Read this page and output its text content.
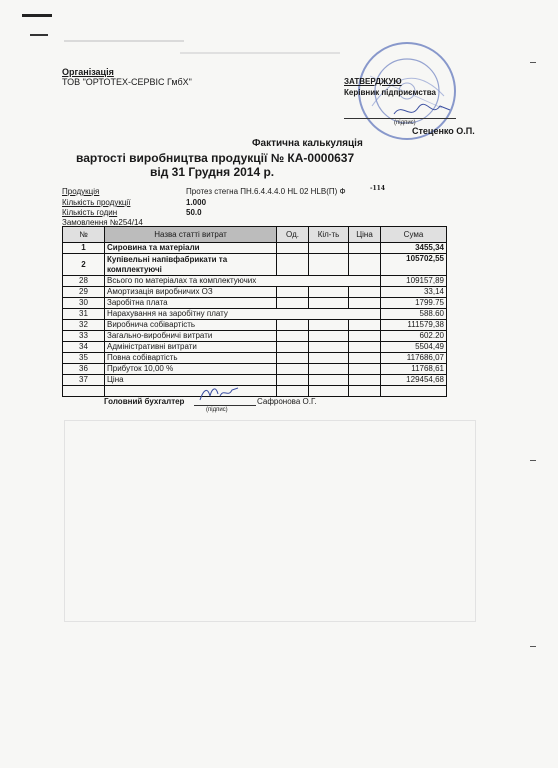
Організація
ТОВ "ОРТОТЕХ-СЕРВІС ГмбХ"	ЗАТВЕРДЖУЮ
Керівник підприємства
(підпис)
Стеценко О.П.
Фактична калькуляція
вартості виробництва продукції № КА-0000637
від 31 Грудня 2014 р.
Продукція	Протез стегна ПН.6.4.4.4.0 HL 02 HLB(П) Ф	-114
Кількість продукції	1.000
Кількість годин	50.0
Замовлення №254/14
№	Назва статті витрат	Од.	Кіл-ть	Ціна	Сума
1	Сировина та матеріали				3455,34
2	Купівельні напівфабрикати та комплектуючі				105702,55
28	Всього по матеріалах та комплектуючих				109157,89
29	Амортизація виробничих ОЗ				33,14
30	Заробітна плата				1799.75
31	Нарахування на заробітну плату				588.60
32	Виробнича собівартість				111579,38
33	Загально-виробничі витрати				602.20
34	Адміністративні витрати				5504,49
35	Повна собівартість				117686,07
36	Прибуток 10,00 %				11768,61
37	Ціна				129454,68

Головний бухгалтер
(підпис)
Сафронова О.Г.
